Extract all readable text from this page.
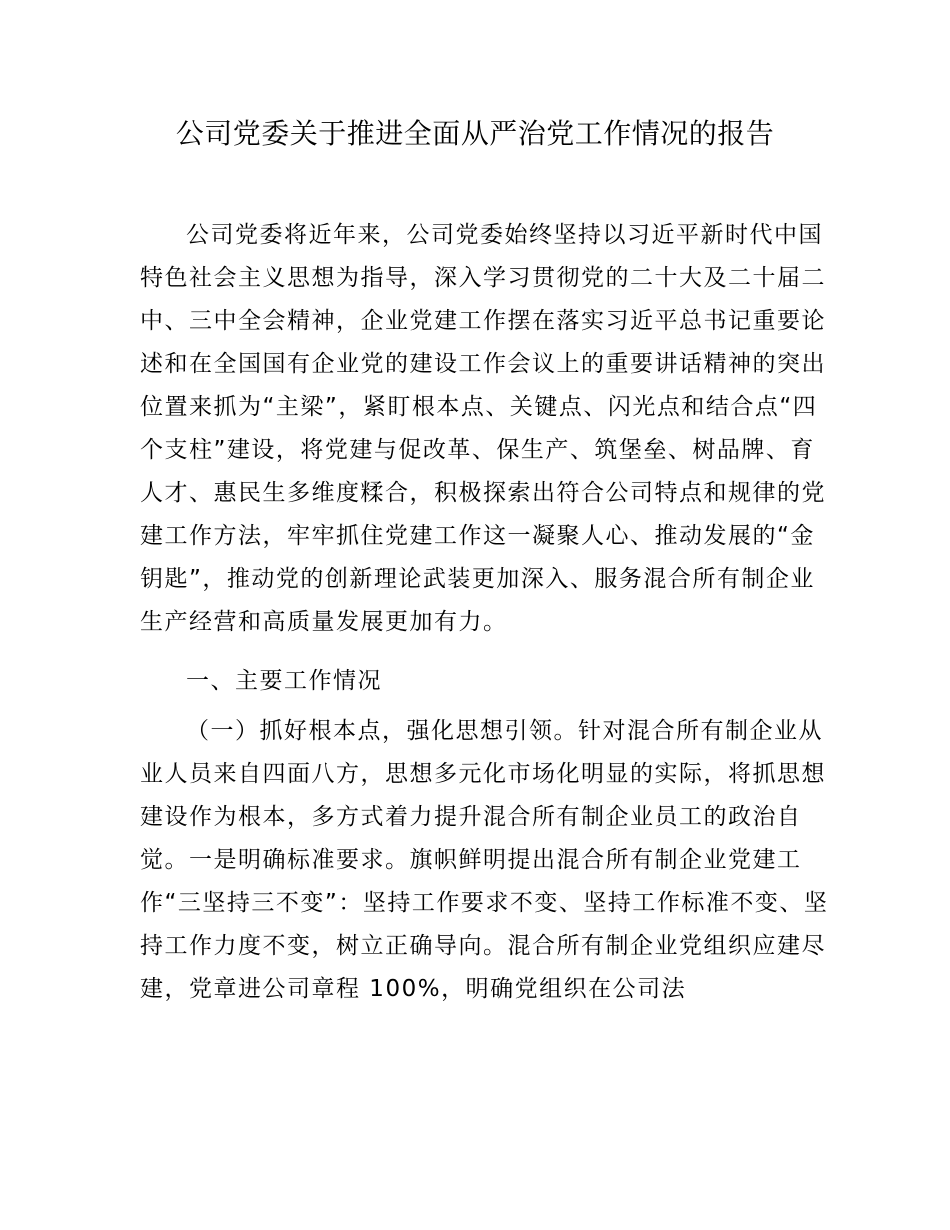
公司党委关于推进全面从严治党工作情况的报告

公司党委将近年来，公司党委始终坚持以习近平新时代中国特色社会主义思想为指导，深入学习贯彻党的二十大及二十届二中、三中全会精神，企业党建工作摆在落实习近平总书记重要论述和在全国国有企业党的建设工作会议上的重要讲话精神的突出位置来抓为“主梁”，紧盯根本点、关键点、闪光点和结合点“四个支柱”建设，将党建与促改革、保生产、筑堡垒、树品牌、育人才、惠民生多维度糅合，积极探索出符合公司特点和规律的党建工作方法，牢牢抓住党建工作这一凝聚人心、推动发展的“金钥匙”，推动党的创新理论武装更加深入、服务混合所有制企业生产经营和高质量发展更加有力。

一、主要工作情况

（一）抓好根本点，强化思想引领。针对混合所有制企业从业人员来自四面八方，思想多元化市场化明显的实际，将抓思想建设作为根本，多方式着力提升混合所有制企业员工的政治自觉。一是明确标准要求。旗帜鲜明提出混合所有制企业党建工作“三坚持三不变”：坚持工作要求不变、坚持工作标准不变、坚持工作力度不变，树立正确导向。混合所有制企业党组织应建尽建，党章进公司章程 100%，明确党组织在公司法
